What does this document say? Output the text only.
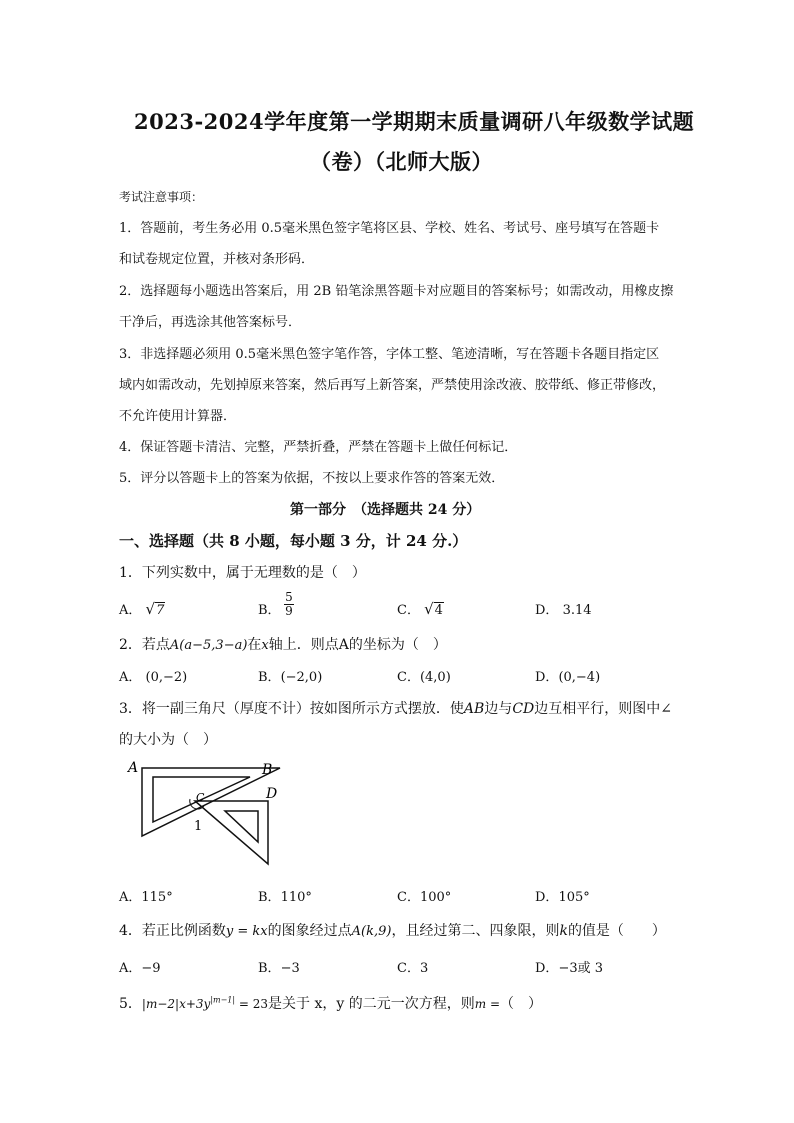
2023-2024学年度第一学期期末质量调研八年级数学试题
（卷）（北师大版）
考试注意事项：
1．答题前，考生务必用 0.5毫米黑色签字笔将区县、学校、姓名、考试号、座号填写在答题卡
和试卷规定位置，并核对条形码．
2．选择题每小题选出答案后，用 2B 铅笔涂黑答题卡对应题目的答案标号；如需改动，用橡皮擦
干净后，再选涂其他答案标号．
3．非选择题必须用 0.5毫米黑色签字笔作答，字体工整、笔迹清晰，写在答题卡各题目指定区
域内如需改动，先划掉原来答案，然后再写上新答案，严禁使用涂改液、胶带纸、修正带修改，
不允许使用计算器．
4．保证答题卡清洁、完整，严禁折叠，严禁在答题卡上做任何标记．
5．评分以答题卡上的答案为依据，不按以上要求作答的答案无效．
第一部分　（选择题共 24 分）
一、选择题（共 8 小题，每小题 3 分，计 24 分.）
1．下列实数中，属于无理数的是（　）
A． √7	B． $\frac{5}{9}$	C． √4	D． 3.14
2．若点A(a−5,3−a)在x轴上．则点A的坐标为（　）
A． (0,−2)	B．(−2,0)	C．(4,0)	D．(0,−4)
3．将一副三角尺（厚度不计）按如图所示方式摆放．使AB边与CD边互相平行，则图中∠
的大小为（　）
A	B
C	D
1
A．115°	B．110°	C．100°	D．105°
4．若正比例函数y = kx的图象经过点A(k,9)，且经过第二、四象限，则k的值是（　　）
A．−9	B．−3	C．3	D．−3或 3
5．$|m-2|x+3y^{|m-1|} = 23$是关于 x，y 的二元一次方程，则m =（　）
